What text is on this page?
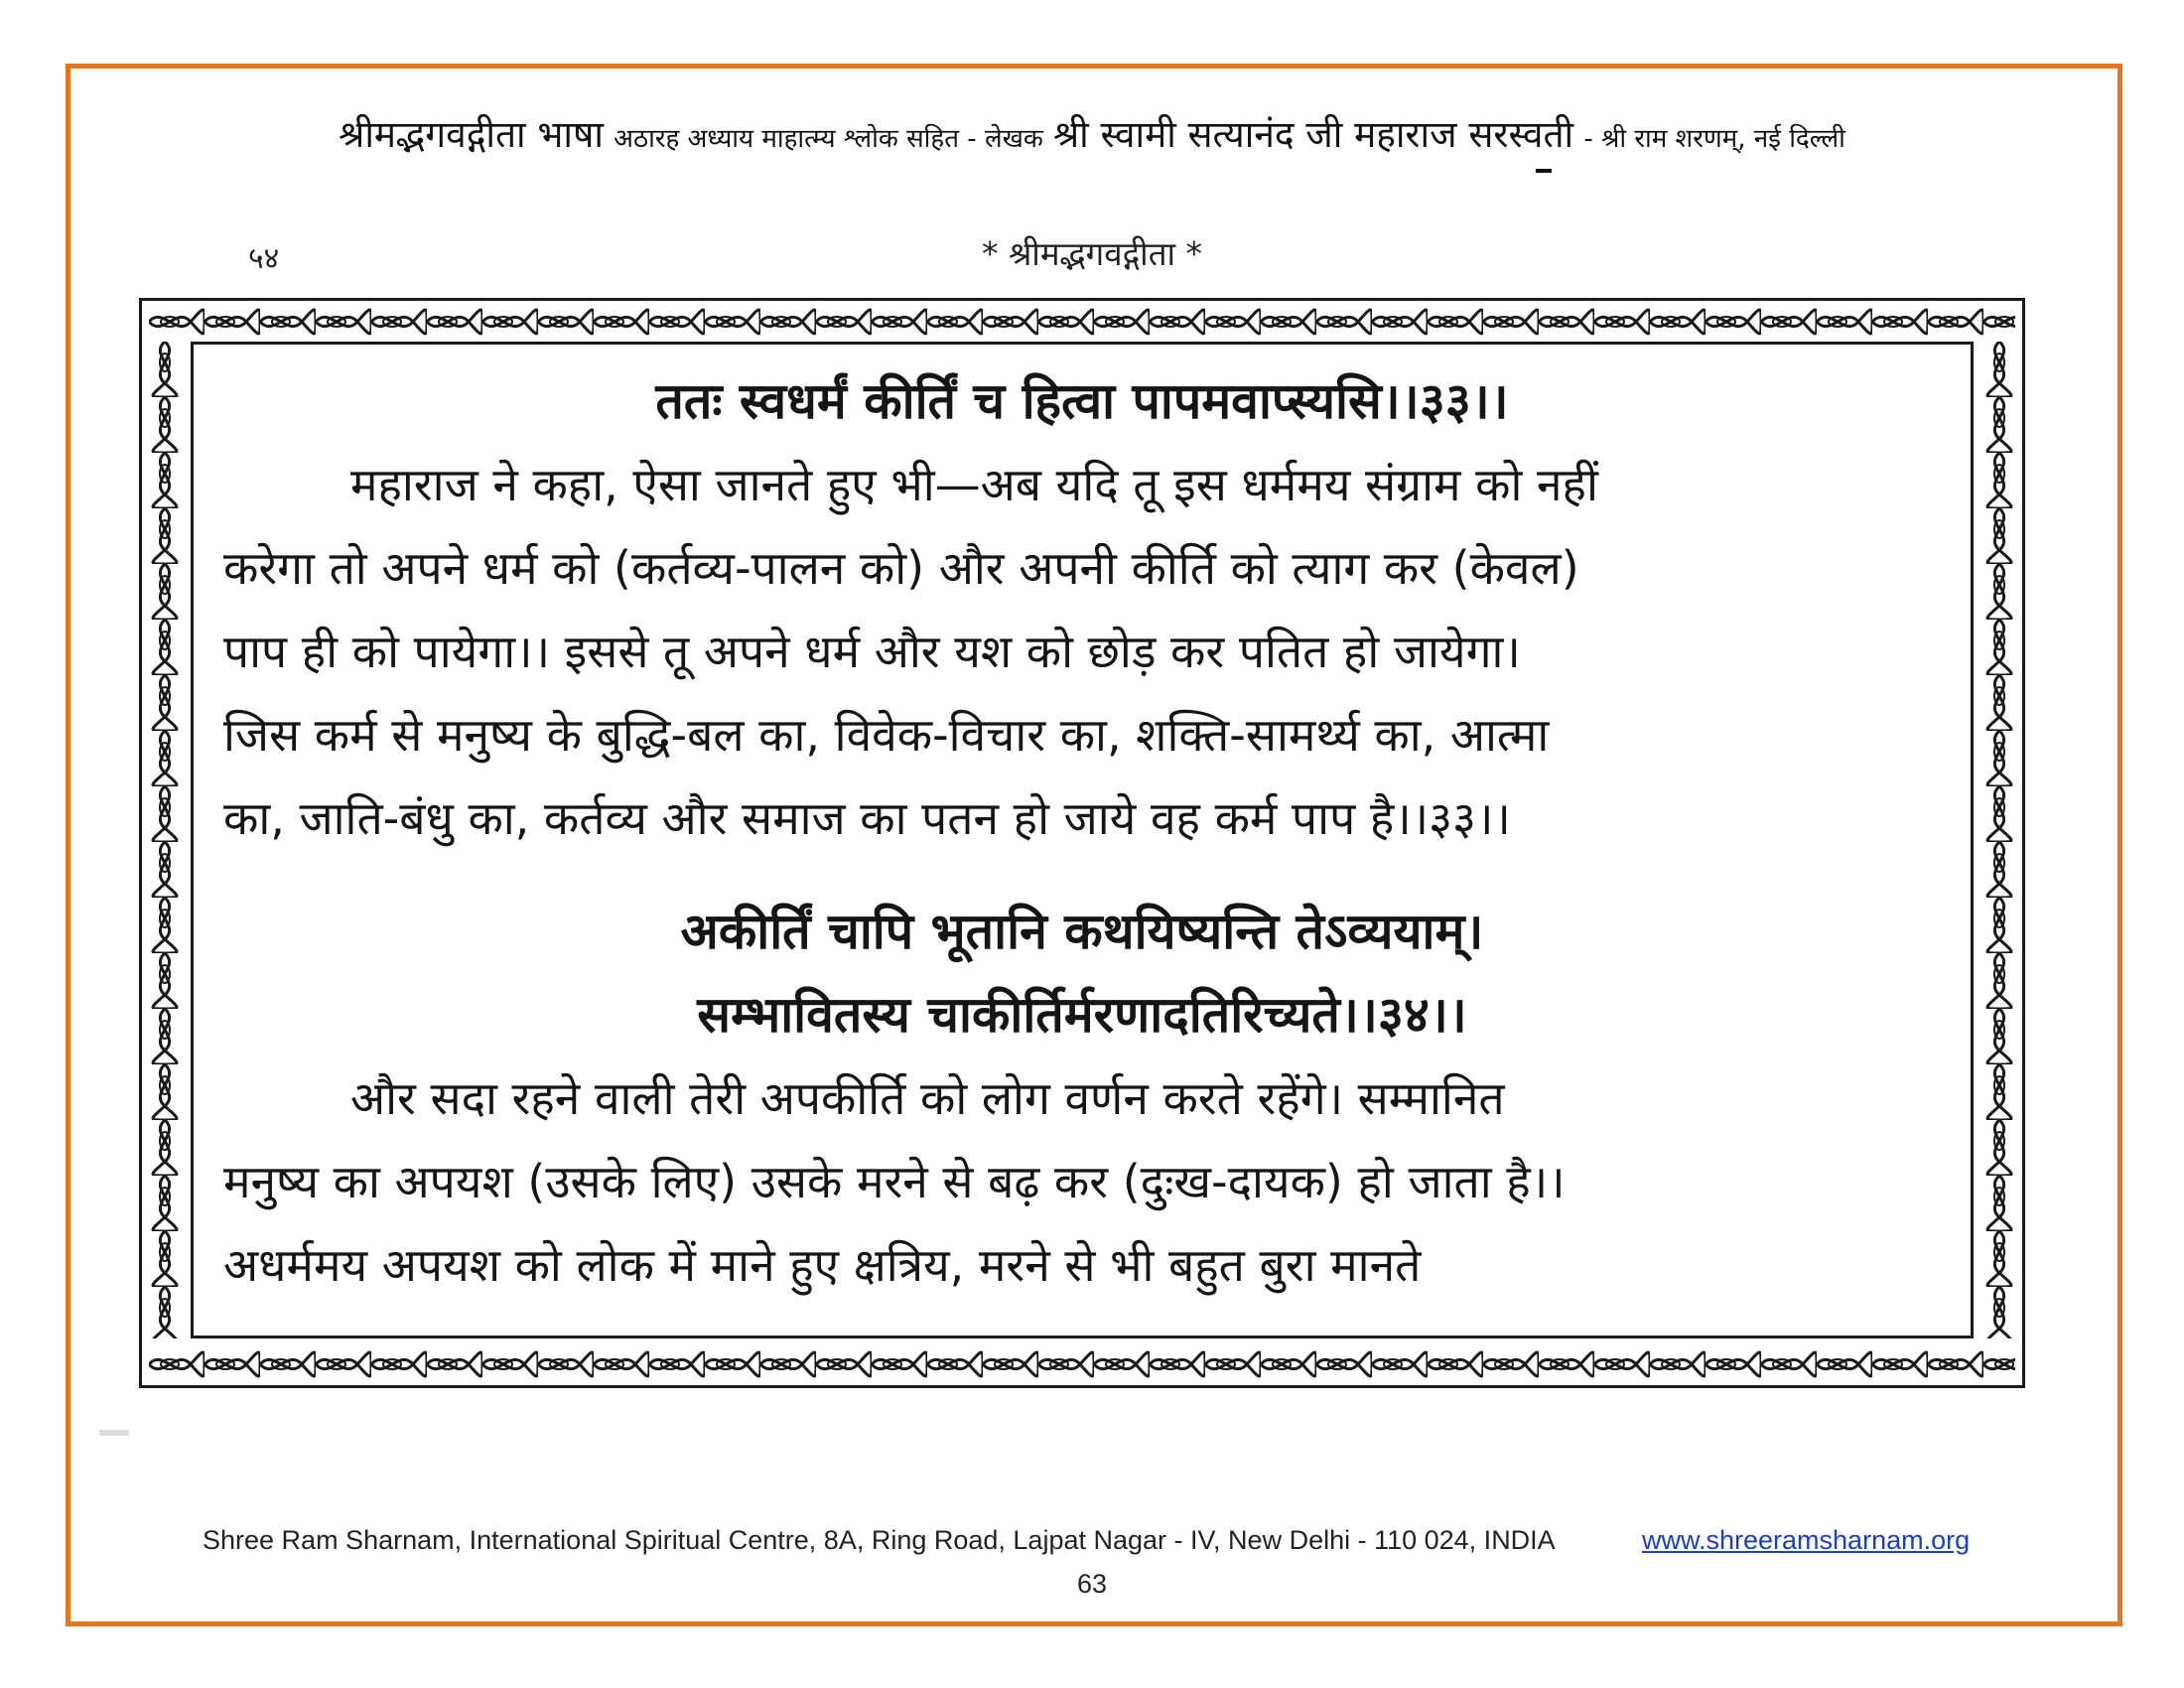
श्रीमद्भगवद्गीता भाषा अठारह अध्याय माहात्म्य श्लोक सहित - लेखक श्री स्वामी सत्यानंद जी महाराज सरस्वती - श्री राम शरणम्, नई दिल्ली
५४	* श्रीमद्भगवद्गीता *

ततः स्वधर्मं कीर्तिं च हित्वा पापमवाप्स्यसि।।३३।।

महाराज ने कहा, ऐसा जानते हुए भी—अब यदि तू इस धर्ममय संग्राम को नहीं
करेगा तो अपने धर्म को (कर्तव्य-पालन को) और अपनी कीर्ति को त्याग कर (केवल)
पाप ही को पायेगा।। इससे तू अपने धर्म और यश को छोड़ कर पतित हो जायेगा।
जिस कर्म से मनुष्य के बुद्धि-बल का, विवेक-विचार का, शक्ति-सामर्थ्य का, आत्मा
का, जाति-बंधु का, कर्तव्य और समाज का पतन हो जाये वह कर्म पाप है।।३३।।

अकीर्तिं चापि भूतानि कथयिष्यन्ति तेऽव्ययाम्।

सम्भावितस्य चाकीर्तिर्मरणादतिरिच्यते।।३४।।

और सदा रहने वाली तेरी अपकीर्ति को लोग वर्णन करते रहेंगे। सम्मानित
मनुष्य का अपयश (उसके लिए) उसके मरने से बढ़ कर (दुःख-दायक) हो जाता है।।
अधर्ममय अपयश को लोक में माने हुए क्षत्रिय, मरने से भी बहुत बुरा मानते
Shree Ram Sharnam, International Spiritual Centre, 8A, Ring Road, Lajpat Nagar - IV, New Delhi - 110 024, INDIA	www.shreeramsharnam.org
63
